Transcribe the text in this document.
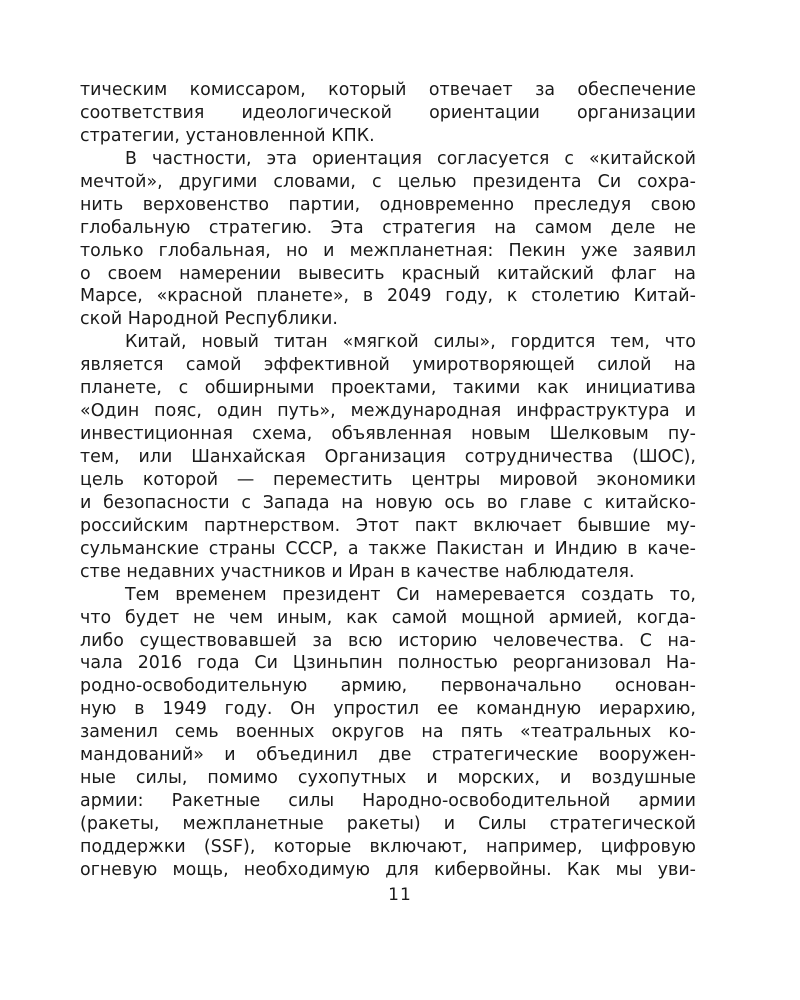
тическим комиссаром, который отвечает за обеспечение
соответствия идеологической ориентации организации
стратегии, установленной КПК.
В частности, эта ориентация согласуется с «китайской
мечтой», другими словами, с целью президента Си сохра-
нить верховенство партии, одновременно преследуя свою
глобальную стратегию. Эта стратегия на самом деле не
только глобальная, но и межпланетная: Пекин уже заявил
о своем намерении вывесить красный китайский флаг на
Марсе, «красной планете», в 2049 году, к столетию Китай-
ской Народной Республики.
Китай, новый титан «мягкой силы», гордится тем, что
является самой эффективной умиротворяющей силой на
планете, с обширными проектами, такими как инициатива
«Один пояс, один путь», международная инфраструктура и
инвестиционная схема, объявленная новым Шелковым пу-
тем, или Шанхайская Организация сотрудничества (ШОС),
цель которой — переместить центры мировой экономики
и безопасности с Запада на новую ось во главе с китайско-
российским партнерством. Этот пакт включает бывшие му-
сульманские страны СССР, а также Пакистан и Индию в каче-
стве недавних участников и Иран в качестве наблюдателя.
Тем временем президент Си намеревается создать то,
что будет не чем иным, как самой мощной армией, когда-
либо существовавшей за всю историю человечества. С на-
чала 2016 года Си Цзиньпин полностью реорганизовал На-
родно-освободительную армию, первоначально основан-
ную в 1949 году. Он упростил ее командную иерархию,
заменил семь военных округов на пять «театральных ко-
мандований» и объединил две стратегические вооружен-
ные силы, помимо сухопутных и морских, и воздушные
армии: Ракетные силы Народно-освободительной армии
(ракеты, межпланетные ракеты) и Силы стратегической
поддержки (SSF), которые включают, например, цифровую
огневую мощь, необходимую для кибервойны. Как мы уви-
11
